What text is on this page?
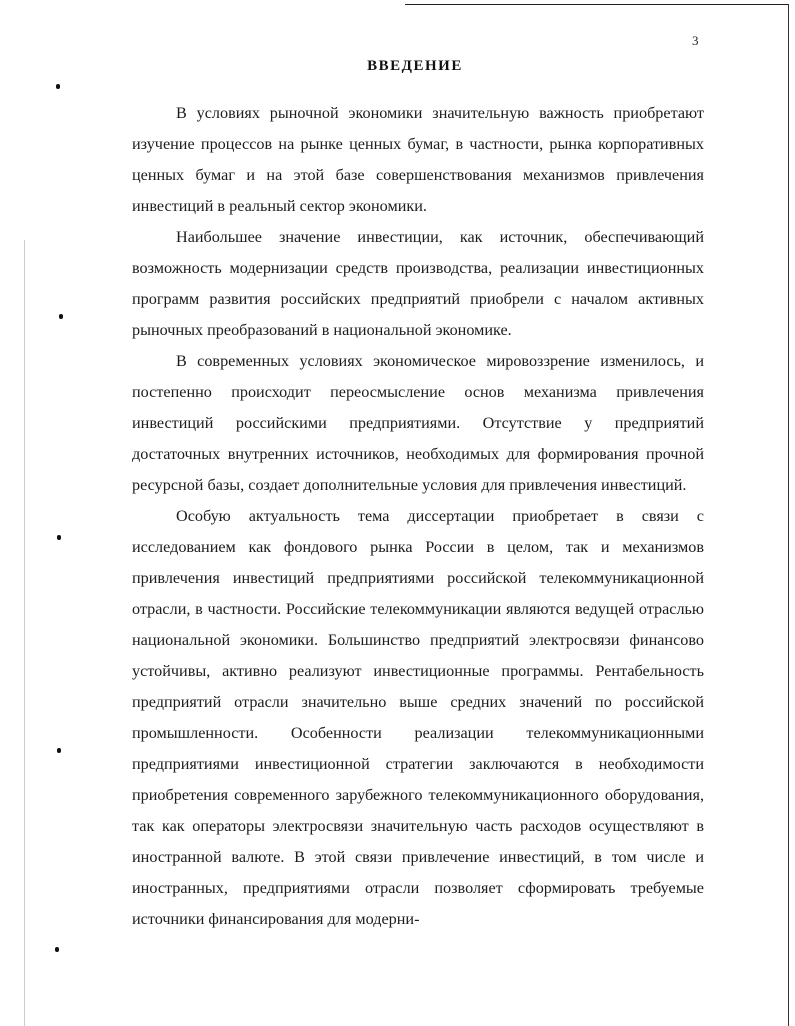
3
ВВЕДЕНИЕ

В условиях рыночной экономики значительную важность приобретают изучение процессов на рынке ценных бумаг, в частности, рынка корпоративных ценных бумаг и на этой базе совершенствования механизмов привлечения инвестиций в реальный сектор экономики.

Наибольшее значение инвестиции, как источник, обеспечивающий возможность модернизации средств производства, реализации инвестиционных программ развития российских предприятий приобрели с началом активных рыночных преобразований в национальной экономике.

В современных условиях экономическое мировоззрение изменилось, и постепенно происходит переосмысление основ механизма привлечения инвестиций российскими предприятиями. Отсутствие у предприятий достаточных внутренних источников, необходимых для формирования прочной ресурсной базы, создает дополнительные условия для привлечения инвестиций.

Особую актуальность тема диссертации приобретает в связи с исследованием как фондового рынка России в целом, так и механизмов привлечения инвестиций предприятиями российской телекоммуникационной отрасли, в частности. Российские телекоммуникации являются ведущей отраслью национальной экономики. Большинство предприятий электросвязи финансово устойчивы, активно реализуют инвестиционные программы. Рентабельность предприятий отрасли значительно выше средних значений по российской промышленности. Особенности реализации телекоммуникационными предприятиями инвестиционной стратегии заключаются в необходимости приобретения современного зарубежного телекоммуникационного оборудования, так как операторы электросвязи значительную часть расходов осуществляют в иностранной валюте. В этой связи привлечение инвестиций, в том числе и иностранных, предприятиями отрасли позволяет сформировать требуемые источники финансирования для модерни-
